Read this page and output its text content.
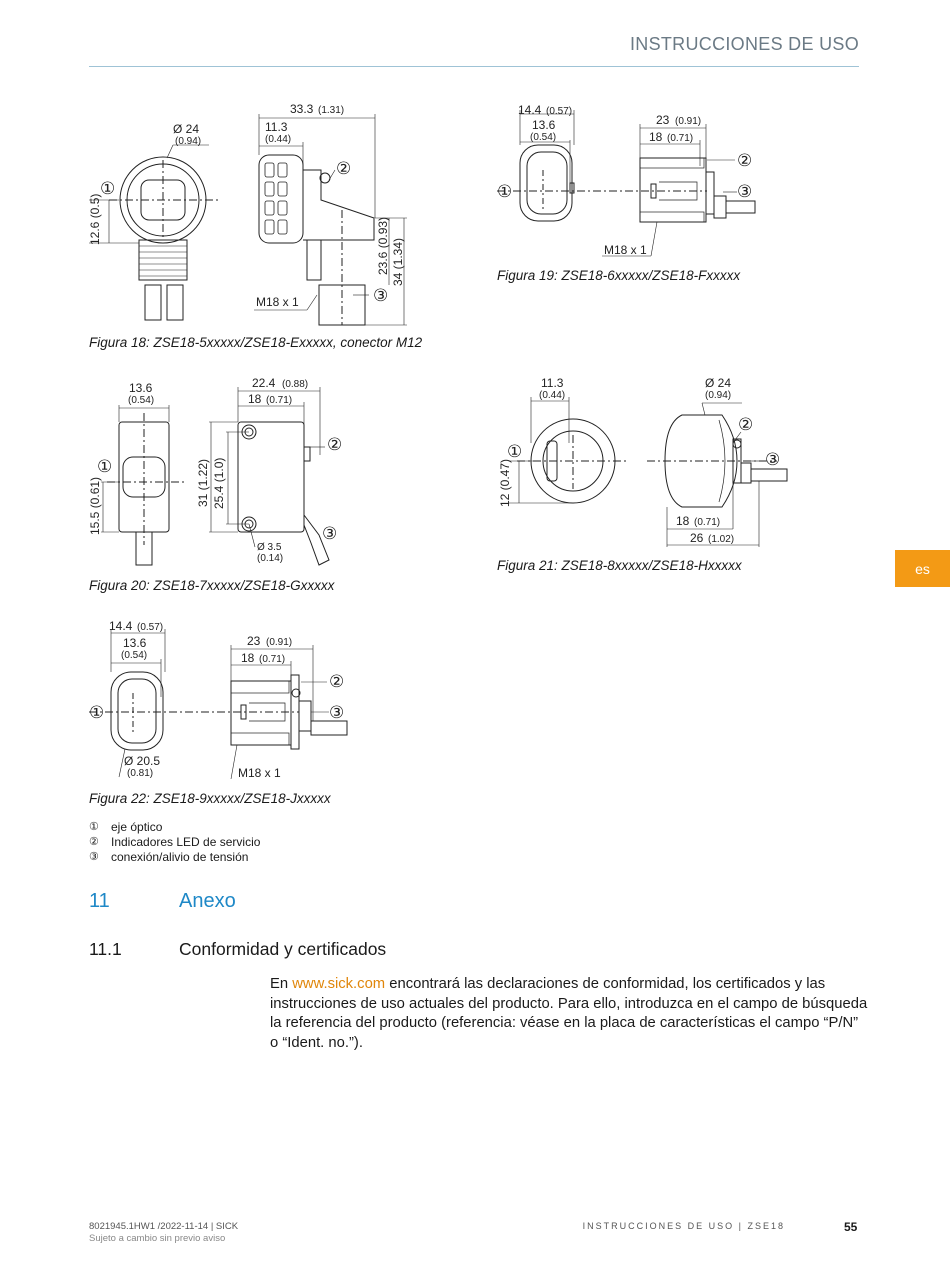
INSTRUCCIONES DE USO
Ø 24
(0.94)
33.3 (1.31)
11.3
(0.44)
12.6 (0.5)	23.6 (0.93) 34 (1.34)
M18 x 1
①
②
③
Figura 18: ZSE18-5xxxxx/ZSE18-Exxxxx, conector M12
14.4 (0.57)
13.6
(0.54)
23 (0.91)
18 (0.71)
M18 x 1
①
②
③
Figura 19: ZSE18-6xxxxx/ZSE18-Fxxxxx
13.6
(0.54)
22.4 (0.88)
18 (0.71)
15.5 (0.61)	31 (1.22) 25.4 (1.0)
Ø 3.5
(0.14)
①
②
③
Figura 20: ZSE18-7xxxxx/ZSE18-Gxxxxx
11.3
(0.44)
Ø 24
(0.94)
12 (0.47)
18 (0.71)
26 (1.02)
①
②
③
Figura 21: ZSE18-8xxxxx/ZSE18-Hxxxxx
14.4 (0.57)
13.6
(0.54)
23 (0.91)
18 (0.71)
Ø 20.5
(0.81)	M18 x 1
①
②
③
Figura 22: ZSE18-9xxxxx/ZSE18-Jxxxxx
①	eje óptico
②	Indicadores LED de servicio
③	conexión/alivio de tensión
11	Anexo
11.1	Conformidad y certificados
En www.sick.com encontrará las declaraciones de conformidad, los certificados y las instrucciones de uso actuales del producto. Para ello, introduzca en el campo de búsqueda la referencia del producto (referencia: véase en la placa de características el campo “P/N” o “Ident. no.”).
es
8021945.1HW1 /2022-11-14 | SICK
Sujeto a cambio sin previo aviso
INSTRUCCIONES DE USO | ZSE18	55
